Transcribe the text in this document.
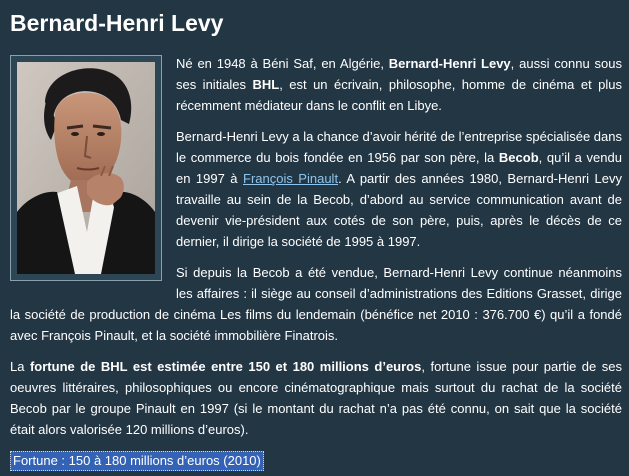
Bernard-Henri Levy

Né en 1948 à Béni Saf, en Algérie, Bernard-Henri Levy, aussi connu sous ses initiales BHL, est un écrivain, philosophe, homme de cinéma et plus récemment médiateur dans le conflit en Libye.

Bernard-Henri Levy a la chance d’avoir hérité de l’entreprise spécialisée dans le commerce du bois fondée en 1956 par son père, la Becob, qu’il a vendu en 1997 à François Pinault. A partir des années 1980, Bernard-Henri Levy travaille au sein de la Becob, d’abord au service communication avant de devenir vie-président aux cotés de son père, puis, après le décès de ce dernier, il dirige la société de 1995 à 1997.

Si depuis la Becob a été vendue, Bernard-Henri Levy continue néanmoins les affaires : il siège au conseil d’administrations des Editions Grasset, dirige la société de production de cinéma Les films du lendemain (bénéfice net 2010 : 376.700 €) qu’il a fondé avec François Pinault, et la société immobilière Finatrois.

La fortune de BHL est estimée entre 150 et 180 millions d’euros, fortune issue pour partie de ses oeuvres littéraires, philosophiques ou encore cinématographique mais surtout du rachat de la société Becob par le groupe Pinault en 1997 (si le montant du rachat n’a pas été connu, on sait que la société était alors valorisée 120 millions d’euros).

Fortune : 150 à 180 millions d’euros (2010)
